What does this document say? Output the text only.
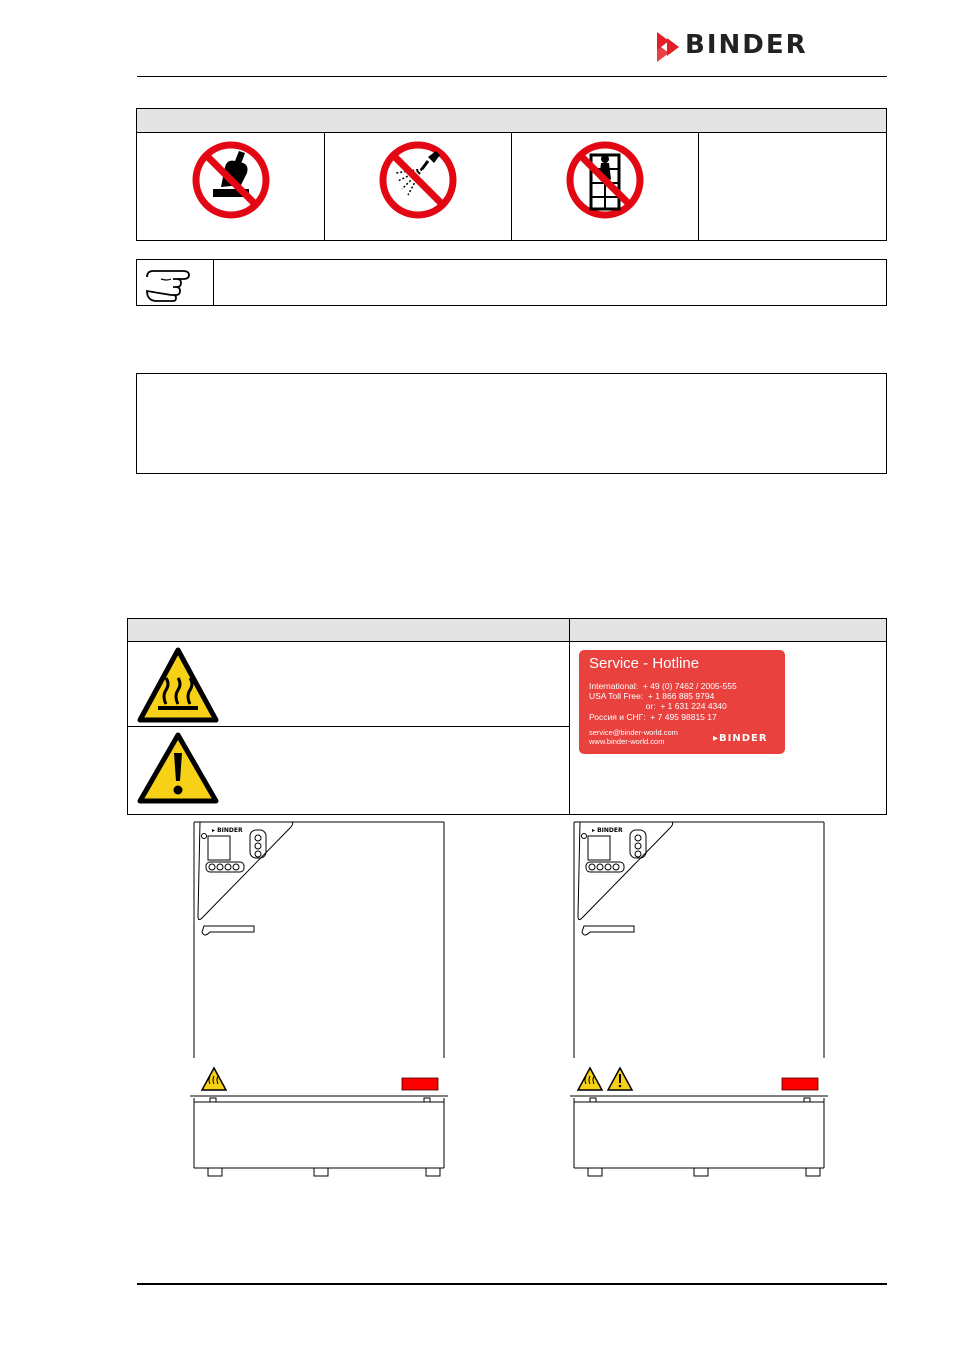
BINDER
Service - Hotline
International:  + 49 (0) 7462 / 2005-555
USA Toll Free:  + 1 866 885 9794
or:  + 1 631 224 4340
Россия и СНГ:  + 7 495 98815 17
service@binder-world.com
www.binder-world.com	▸BINDER
▸ BINDER	▸ BINDER
